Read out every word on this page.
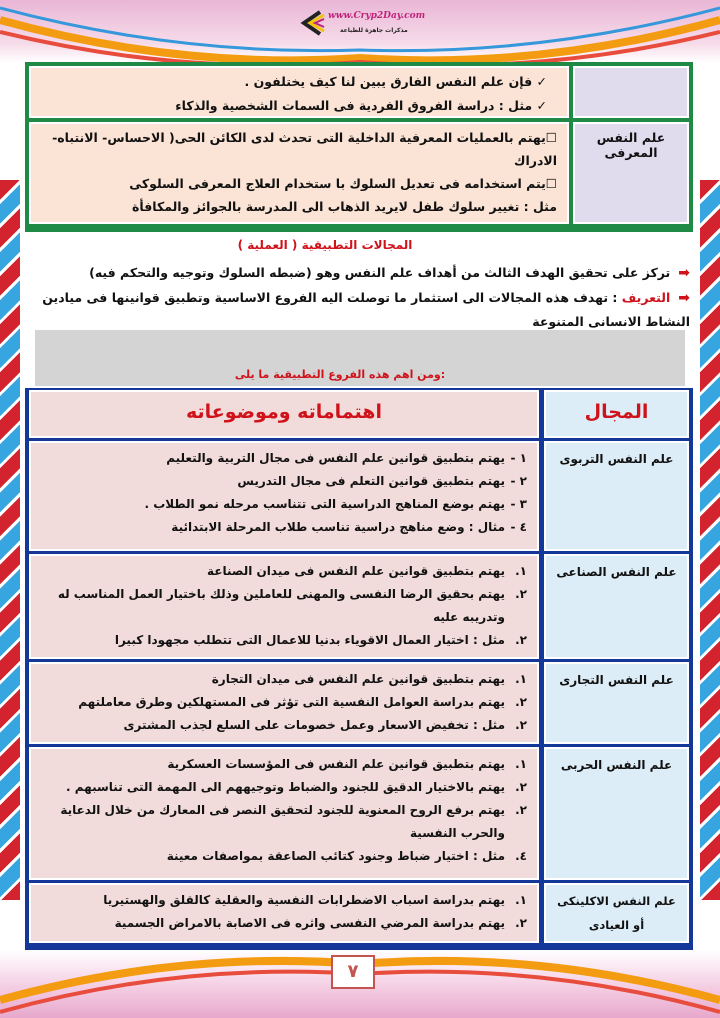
www.Cryp2Day.com
مذكرات جاهزة للطباعة
✓ فإن علم النفس الفارق يبين لنا كيف يختلفون .
✓ مثل : دراسة الفروق الفردية فى السمات الشخصية والذكاء
علم النفس المعرفى
☐يهتم بالعمليات المعرفية الداخلية التى تحدث لدى الكائن الحى( الاحساس- الانتباه- الادراك
☐يتم استخدامه فى تعديل السلوك با ستخدام العلاج المعرفى السلوكى
مثل : تغيير سلوك طفل لايريد الذهاب الى المدرسة بالجوائز والمكافأة
المجالات التطبيقية ( العملية )
➡تركز على تحقيق الهدف الثالث من أهداف علم النفس وهو (ضبطه السلوك وتوجيه والتحكم فيه)
➡التعريف : تهدف هذه المجالات الى استثمار ما توصلت اليه الفروع الاساسية وتطبيق قوانينها فى ميادين النشاط الانسانى المتنوعة
ومن اهم هذه الفروع التطبيقية ما يلى:
المجال
اهتماماته وموضوعاته
علم النفس التربوى
١ -
يهتم بتطبيق قوانين علم النفس فى مجال التربية والتعليم
٢ -
يهتم بتطبيق قوانين التعلم فى مجال التدريس
٣ -
يهتم بوضع المناهج الدراسية التى تتناسب مرحله نمو الطلاب .
٤ -
مثال : وضع مناهج دراسية تناسب طلاب المرحلة الابتدائية
علم النفس الصناعى
١.
يهتم بتطبيق قوانين علم النفس فى ميدان الصناعة
٢.
يهتم بحقيق الرضا النفسى والمهنى للعاملين وذلك باختيار العمل المناسب له وتدريبه عليه
٢.
مثل : اختيار العمال الاقوياء بدنيا للاعمال التى تتطلب مجهودا كبيرا
علم النفس التجارى
١.
يهتم بتطبيق قوانين علم النفس فى ميدان التجارة
٢.
يهتم بدراسة العوامل النفسية التى تؤثر فى المستهلكين وطرق معاملتهم
٢.
مثل : تخفيض الاسعار وعمل خصومات على السلع لجذب المشترى
علم النفس الحربى
١.
يهتم بتطبيق قوانين علم النفس فى المؤسسات العسكرية
٢.
يهتم بالاختيار الدقيق للجنود والضباط وتوجيههم الى المهمة التى تناسبهم .
٢.
يهتم برفع الروح المعنوية للجنود لتحقيق النصر فى المعارك من خلال الدعاية والحرب النفسية
٤.
مثل : اختيار ضباط وجنود كتائب الصاعقة بمواصفات معينة
علم النفس الاكلينكى
أو العيادى
١.
يهتم بدراسة اسباب الاضطرابات النفسية والعقلية كالقلق والهستيريا
٢.
يهتم بدراسة المرضي النفسى واثره فى الاصابة بالامراض الجسمية
٧
